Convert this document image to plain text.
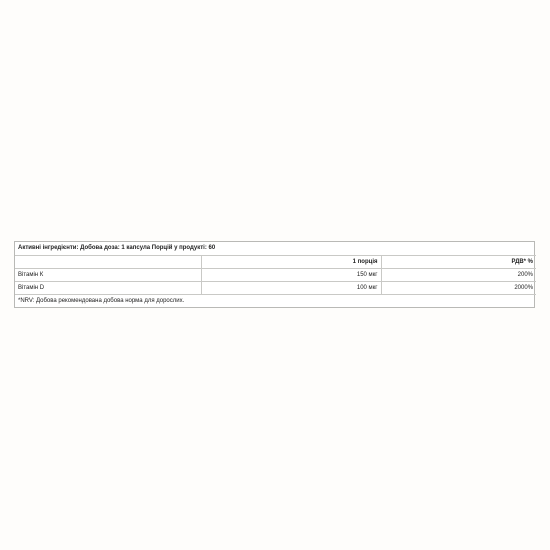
Активні інгредієнти: Добова доза: 1 капсула Порцій у продукті: 60		
	1 порція	РДВ* %
Вітамін К	150 мкг	200%
Вітамін D	100 мкг	2000%
*NRV: Добова рекомендована добова норма для дорослих.		
